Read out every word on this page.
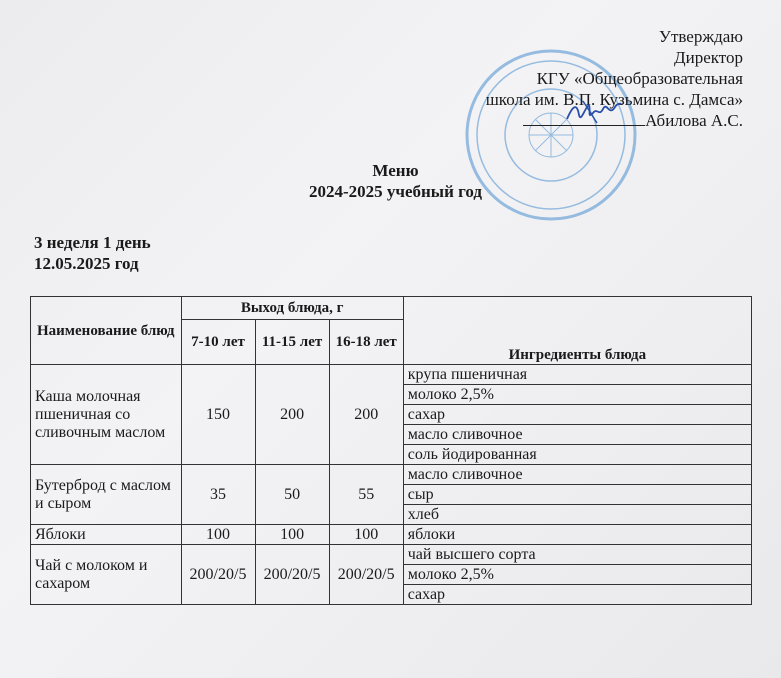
Утверждаю
Директор
КГУ «Общеобразовательная
школа им. В.П. Кузьмина с. Дамса»
Абилова А.С.
Меню
2024-2025 учебный год
3 неделя 1 день
12.05.2025 год
Наименование блюд	Выход блюда, г			Ингредиенты блюда
	7-10 лет	11-15 лет	16-18 лет	
Каша молочная пшеничная со сливочным маслом	150	200	200	крупа пшеничная
				молоко 2,5%
				сахар
				масло сливочное
				соль йодированная
Бутерброд с маслом и сыром	35	50	55	масло сливочное
				сыр
				хлеб
Яблоки	100	100	100	яблоки
Чай с молоком и сахаром	200/20/5	200/20/5	200/20/5	чай высшего сорта
				молоко 2,5%
				сахар
